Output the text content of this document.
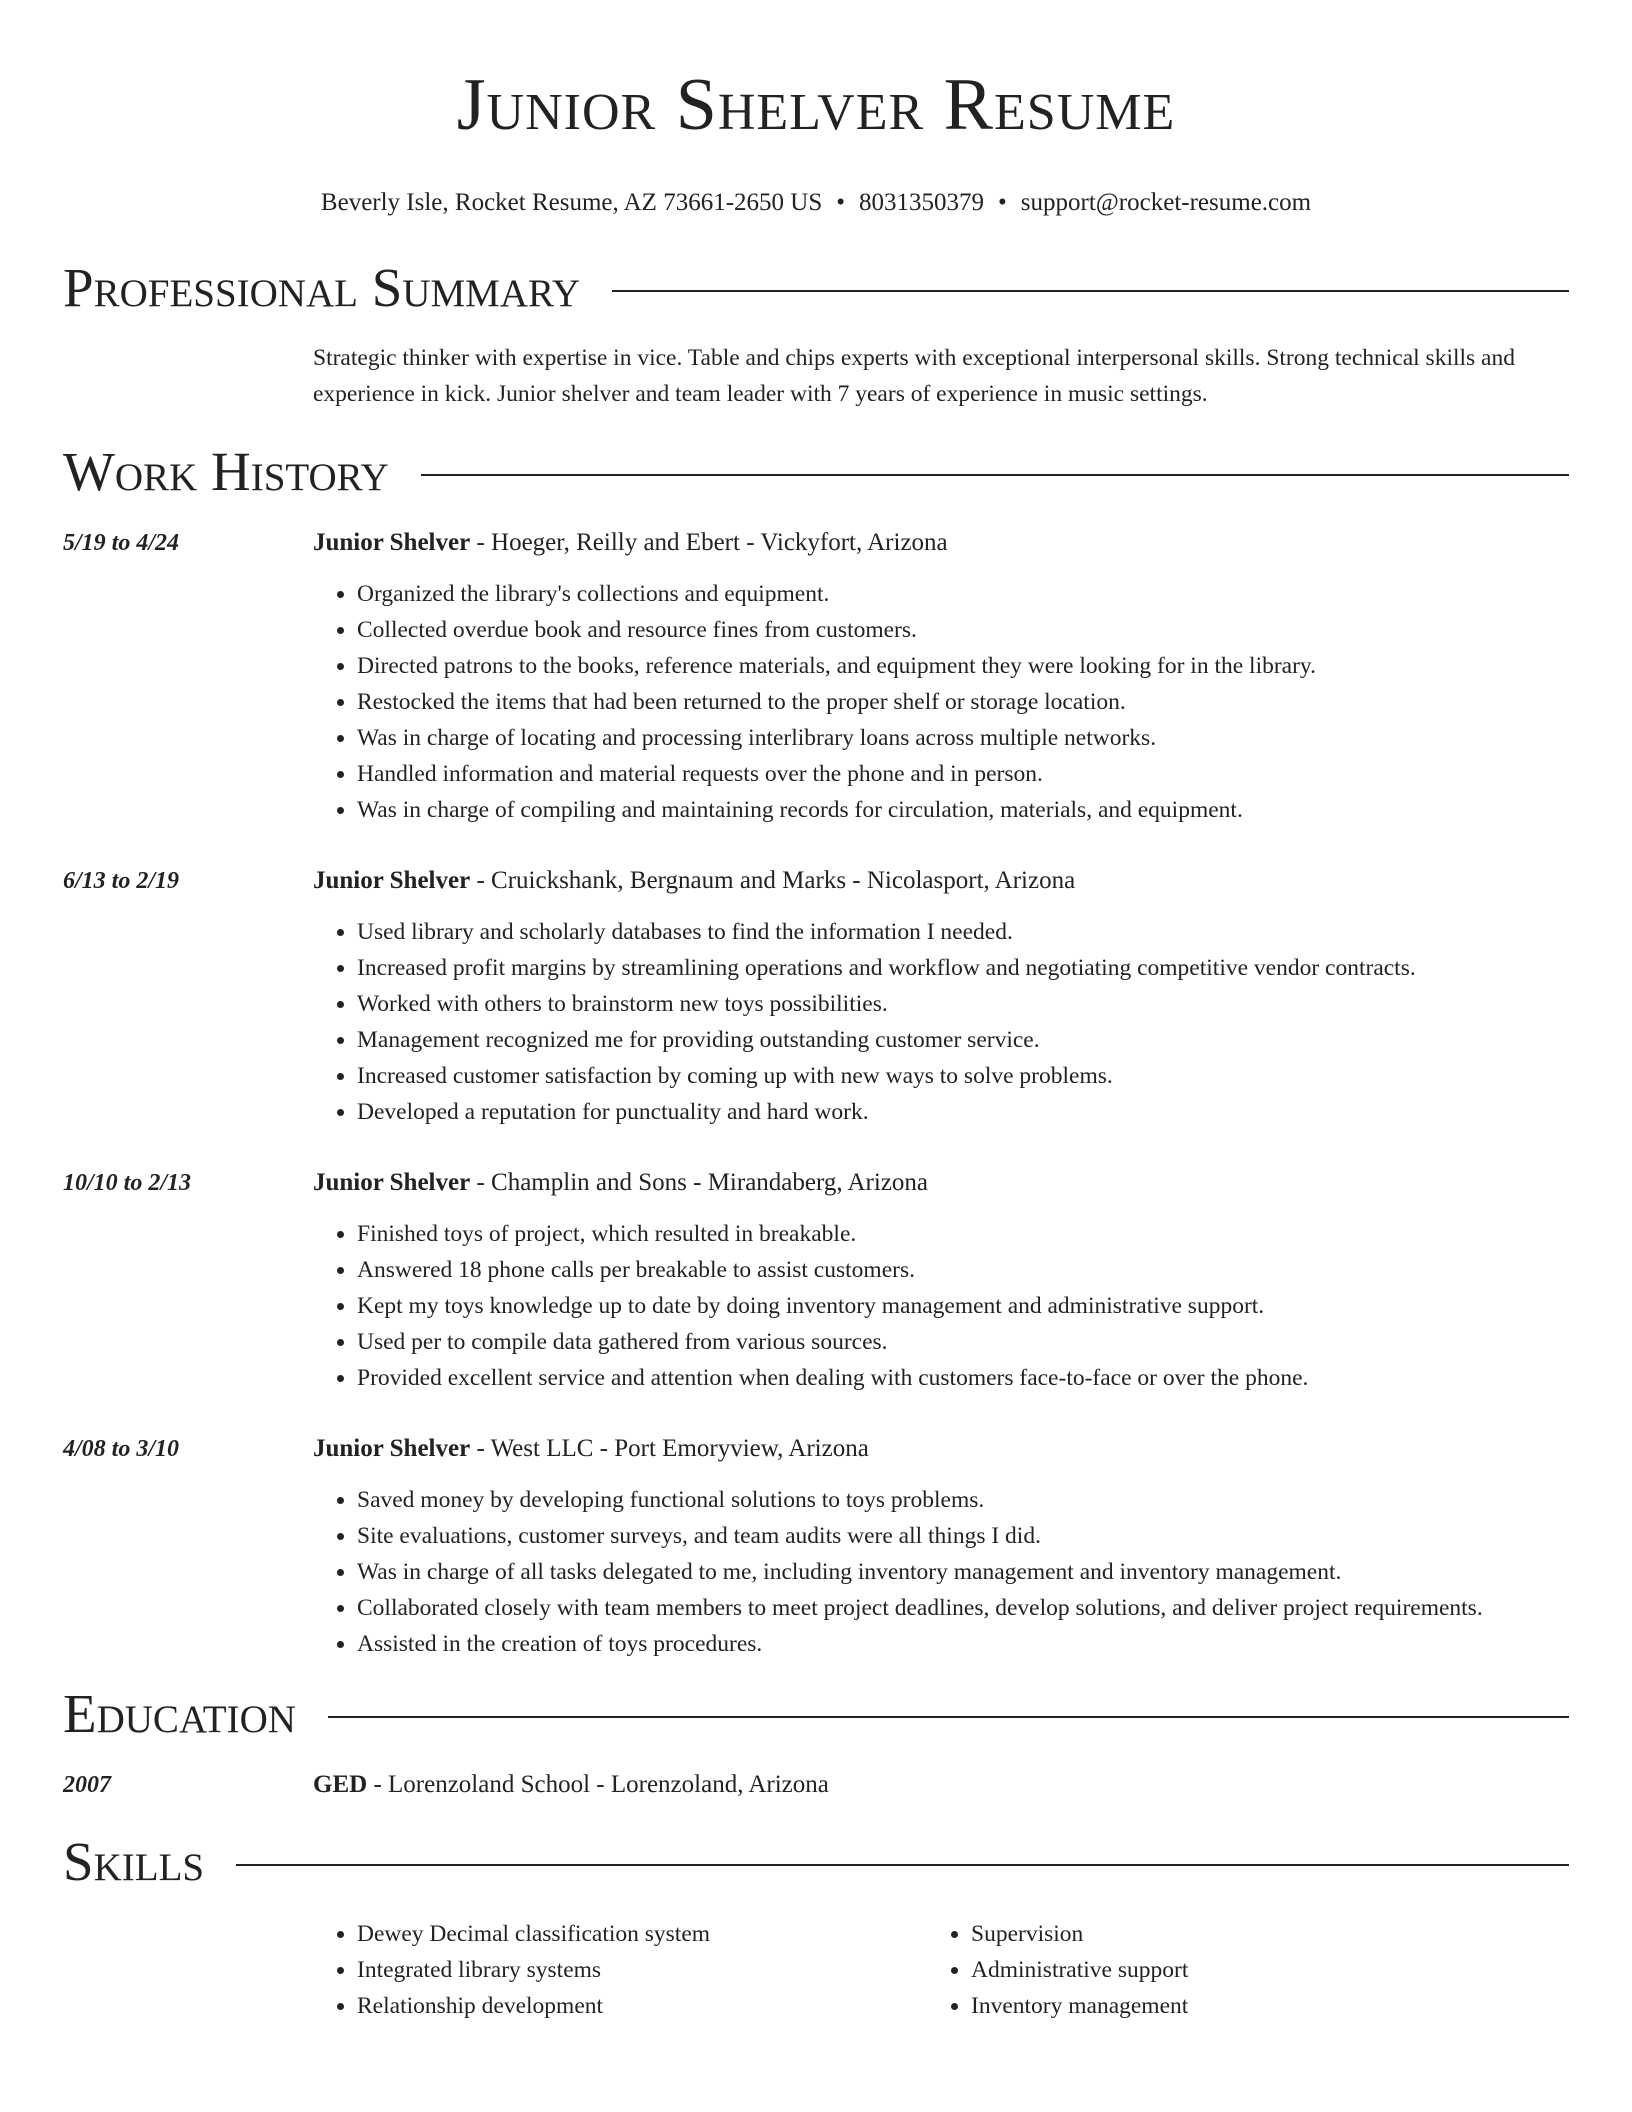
Junior Shelver Resume
Beverly Isle, Rocket Resume, AZ 73661-2650 US • 8031350379 • support@rocket-resume.com
Professional Summary
Strategic thinker with expertise in vice. Table and chips experts with exceptional interpersonal skills. Strong technical skills and experience in kick. Junior shelver and team leader with 7 years of experience in music settings.
Work History
5/19 to 4/24	Junior Shelver - Hoeger, Reilly and Ebert - Vickyfort, Arizona
• Organized the library's collections and equipment.
• Collected overdue book and resource fines from customers.
• Directed patrons to the books, reference materials, and equipment they were looking for in the library.
• Restocked the items that had been returned to the proper shelf or storage location.
• Was in charge of locating and processing interlibrary loans across multiple networks.
• Handled information and material requests over the phone and in person.
• Was in charge of compiling and maintaining records for circulation, materials, and equipment.
6/13 to 2/19	Junior Shelver - Cruickshank, Bergnaum and Marks - Nicolasport, Arizona
• Used library and scholarly databases to find the information I needed.
• Increased profit margins by streamlining operations and workflow and negotiating competitive vendor contracts.
• Worked with others to brainstorm new toys possibilities.
• Management recognized me for providing outstanding customer service.
• Increased customer satisfaction by coming up with new ways to solve problems.
• Developed a reputation for punctuality and hard work.
10/10 to 2/13	Junior Shelver - Champlin and Sons - Mirandaberg, Arizona
• Finished toys of project, which resulted in breakable.
• Answered 18 phone calls per breakable to assist customers.
• Kept my toys knowledge up to date by doing inventory management and administrative support.
• Used per to compile data gathered from various sources.
• Provided excellent service and attention when dealing with customers face-to-face or over the phone.
4/08 to 3/10	Junior Shelver - West LLC - Port Emoryview, Arizona
• Saved money by developing functional solutions to toys problems.
• Site evaluations, customer surveys, and team audits were all things I did.
• Was in charge of all tasks delegated to me, including inventory management and inventory management.
• Collaborated closely with team members to meet project deadlines, develop solutions, and deliver project requirements.
• Assisted in the creation of toys procedures.
Education
2007	GED - Lorenzoland School - Lorenzoland, Arizona
Skills
• Dewey Decimal classification system
• Integrated library systems
• Relationship development
• Supervision
• Administrative support
• Inventory management
